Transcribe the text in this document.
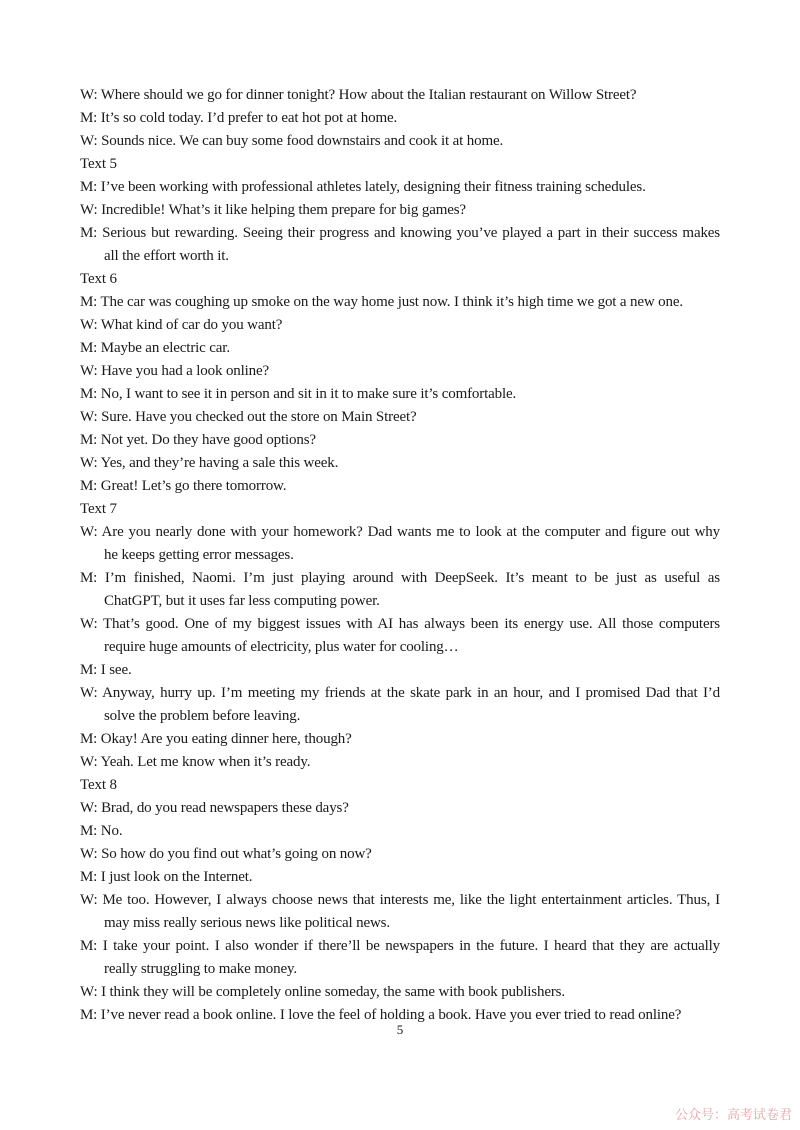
W: Where should we go for dinner tonight? How about the Italian restaurant on Willow Street?
M: It’s so cold today. I’d prefer to eat hot pot at home.
W: Sounds nice. We can buy some food downstairs and cook it at home.
Text 5
M: I’ve been working with professional athletes lately, designing their fitness training schedules.
W: Incredible! What’s it like helping them prepare for big games?
M: Serious but rewarding. Seeing their progress and knowing you’ve played a part in their success makes
all the effort worth it.
Text 6
M: The car was coughing up smoke on the way home just now. I think it’s high time we got a new one.
W: What kind of car do you want?
M: Maybe an electric car.
W: Have you had a look online?
M: No, I want to see it in person and sit in it to make sure it’s comfortable.
W: Sure. Have you checked out the store on Main Street?
M: Not yet. Do they have good options?
W: Yes, and they’re having a sale this week.
M: Great! Let’s go there tomorrow.
Text 7
W: Are you nearly done with your homework? Dad wants me to look at the computer and figure out why
he keeps getting error messages.
M: I’m finished, Naomi. I’m just playing around with DeepSeek. It’s meant to be just as useful as
ChatGPT, but it uses far less computing power.
W: That’s good. One of my biggest issues with AI has always been its energy use. All those computers
require huge amounts of electricity, plus water for cooling…
M: I see.
W: Anyway, hurry up. I’m meeting my friends at the skate park in an hour, and I promised Dad that I’d
solve the problem before leaving.
M: Okay! Are you eating dinner here, though?
W: Yeah. Let me know when it’s ready.
Text 8
W: Brad, do you read newspapers these days?
M: No.
W: So how do you find out what’s going on now?
M: I just look on the Internet.
W: Me too. However, I always choose news that interests me, like the light entertainment articles. Thus, I
may miss really serious news like political news.
M: I take your point. I also wonder if there’ll be newspapers in the future. I heard that they are actually
really struggling to make money.
W: I think they will be completely online someday, the same with book publishers.
M: I’ve never read a book online. I love the feel of holding a book. Have you ever tried to read online?
5
公众号：高考试卷君
